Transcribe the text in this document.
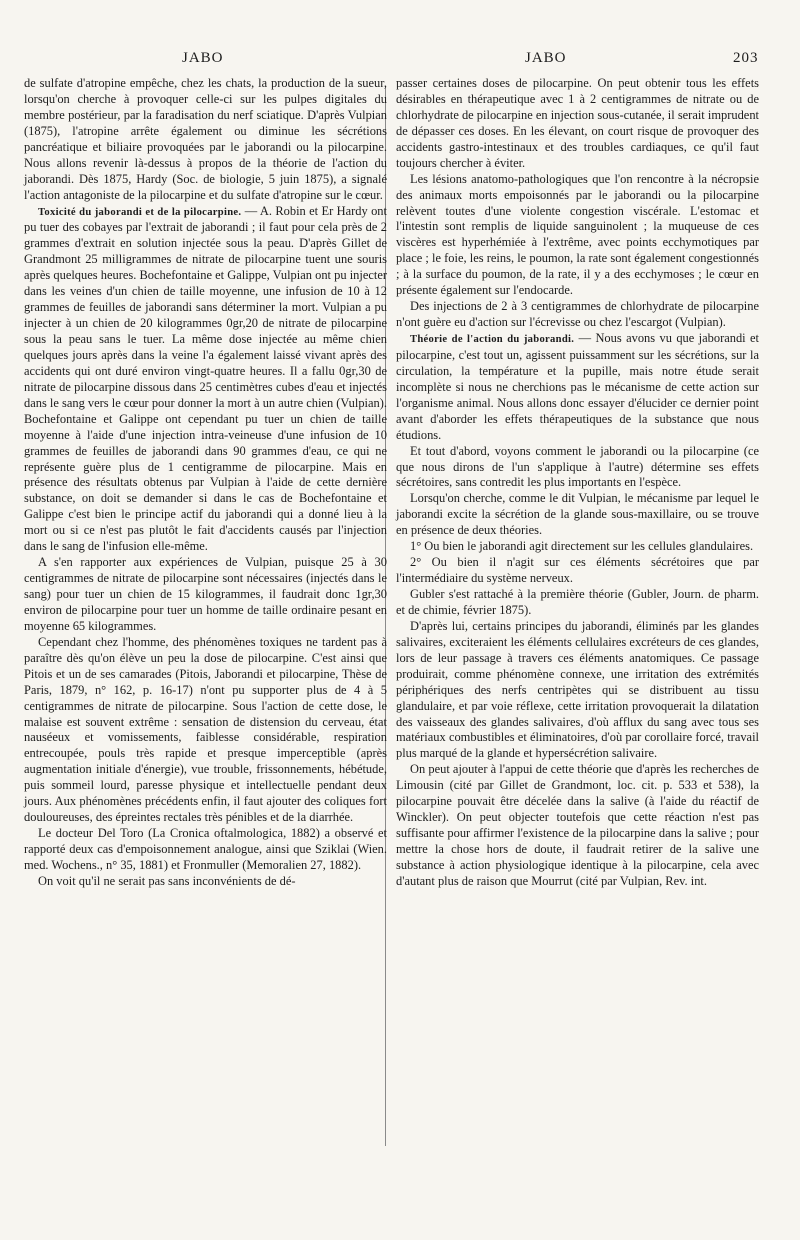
JABO	JABO	203

de sulfate d'atropine empêche, chez les chats, la production de la sueur, lorsqu'on cherche à provoquer celle-ci sur les pulpes digitales du membre postérieur, par la faradisation du nerf sciatique. D'après Vulpian (1875), l'atropine arrête également ou diminue les sécrétions pancréatique et biliaire provoquées par le jaborandi ou la pilocarpine. Nous allons revenir là-dessus à propos de la théorie de l'action du jaborandi. Dès 1875, Hardy (Soc. de biologie, 5 juin 1875), a signalé l'action antagoniste de la pilocarpine et du sulfate d'atropine sur le cœur.

Toxicité du jaborandi et de la pilocarpine. — A. Robin et Er Hardy ont pu tuer des cobayes par l'extrait de jaborandi ; il faut pour cela près de 2 grammes d'extrait en solution injectée sous la peau. D'après Gillet de Grandmont 25 milligrammes de nitrate de pilocarpine tuent une souris après quelques heures. Bochefontaine et Galippe, Vulpian ont pu injecter dans les veines d'un chien de taille moyenne, une infusion de 10 à 12 grammes de feuilles de jaborandi sans déterminer la mort. Vulpian a pu injecter à un chien de 20 kilogrammes 0gr,20 de nitrate de pilocarpine sous la peau sans le tuer. La même dose injectée au même chien quelques jours après dans la veine l'a également laissé vivant après des accidents qui ont duré environ vingt-quatre heures. Il a fallu 0gr,30 de nitrate de pilocarpine dissous dans 25 centimètres cubes d'eau et injectés dans le sang vers le cœur pour donner la mort à un autre chien (Vulpian). Bochefontaine et Galippe ont cependant pu tuer un chien de taille moyenne à l'aide d'une injection intra-veineuse d'une infusion de 10 grammes de feuilles de jaborandi dans 90 grammes d'eau, ce qui ne représente guère plus de 1 centigramme de pilocarpine. Mais en présence des résultats obtenus par Vulpian à l'aide de cette dernière substance, on doit se demander si dans le cas de Bochefontaine et Galippe c'est bien le principe actif du jaborandi qui a donné lieu à la mort ou si ce n'est pas plutôt le fait d'accidents causés par l'injection dans le sang de l'infusion elle-même.

A s'en rapporter aux expériences de Vulpian, puisque 25 à 30 centigrammes de nitrate de pilocarpine sont nécessaires (injectés dans le sang) pour tuer un chien de 15 kilogrammes, il faudrait donc 1gr,30 environ de pilocarpine pour tuer un homme de taille ordinaire pesant en moyenne 65 kilogrammes.

Cependant chez l'homme, des phénomènes toxiques ne tardent pas à paraître dès qu'on élève un peu la dose de pilocarpine. C'est ainsi que Pitois et un de ses camarades (Pitois, Jaborandi et pilocarpine, Thèse de Paris, 1879, n° 162, p. 16-17) n'ont pu supporter plus de 4 à 5 centigrammes de nitrate de pilocarpine. Sous l'action de cette dose, le malaise est souvent extrême : sensation de distension du cerveau, état nauséeux et vomissements, faiblesse considérable, respiration entrecoupée, pouls très rapide et presque imperceptible (après augmentation initiale d'énergie), vue trouble, frissonnements, hébétude, puis sommeil lourd, paresse physique et intellectuelle pendant deux jours. Aux phénomènes précédents enfin, il faut ajouter des coliques fort douloureuses, des épreintes rectales très pénibles et de la diarrhée.

Le docteur Del Toro (La Cronica oftalmologica, 1882) a observé et rapporté deux cas d'empoisonnement analogue, ainsi que Sziklai (Wien. med. Wochens., n° 35, 1881) et Fronmuller (Memoralien 27, 1882).

On voit qu'il ne serait pas sans inconvénients de dé-

passer certaines doses de pilocarpine. On peut obtenir tous les effets désirables en thérapeutique avec 1 à 2 centigrammes de nitrate ou de chlorhydrate de pilocarpine en injection sous-cutanée, il serait imprudent de dépasser ces doses. En les élevant, on court risque de provoquer des accidents gastro-intestinaux et des troubles cardiaques, ce qu'il faut toujours chercher à éviter.

Les lésions anatomo-pathologiques que l'on rencontre à la nécropsie des animaux morts empoisonnés par le jaborandi ou la pilocarpine relèvent toutes d'une violente congestion viscérale. L'estomac et l'intestin sont remplis de liquide sanguinolent ; la muqueuse de ces viscères est hyperhémiée à l'extrême, avec points ecchymotiques par place ; le foie, les reins, le poumon, la rate sont également congestionnés ; à la surface du poumon, de la rate, il y a des ecchymoses ; le cœur en présente également sur l'endocarde.

Des injections de 2 à 3 centigrammes de chlorhydrate de pilocarpine n'ont guère eu d'action sur l'écrevisse ou chez l'escargot (Vulpian).

Théorie de l'action du jaborandi. — Nous avons vu que jaborandi et pilocarpine, c'est tout un, agissent puissamment sur les sécrétions, sur la circulation, la température et la pupille, mais notre étude serait incomplète si nous ne cherchions pas le mécanisme de cette action sur l'organisme animal. Nous allons donc essayer d'élucider ce dernier point avant d'aborder les effets thérapeutiques de la substance que nous étudions.

Et tout d'abord, voyons comment le jaborandi ou la pilocarpine (ce que nous dirons de l'un s'applique à l'autre) détermine ses effets sécrétoires, sans contredit les plus importants en l'espèce.

Lorsqu'on cherche, comme le dit Vulpian, le mécanisme par lequel le jaborandi excite la sécrétion de la glande sous-maxillaire, ou se trouve en présence de deux théories.

1° Ou bien le jaborandi agit directement sur les cellules glandulaires.

2° Ou bien il n'agit sur ces éléments sécrétoires que par l'intermédiaire du système nerveux.

Gubler s'est rattaché à la première théorie (Gubler, Journ. de pharm. et de chimie, février 1875).

D'après lui, certains principes du jaborandi, éliminés par les glandes salivaires, exciteraient les éléments cellulaires excréteurs de ces glandes, lors de leur passage à travers ces éléments anatomiques. Ce passage produirait, comme phénomène connexe, une irritation des extrémités périphériques des nerfs centripètes qui se distribuent au tissu glandulaire, et par voie réflexe, cette irritation provoquerait la dilatation des vaisseaux des glandes salivaires, d'où afflux du sang avec tous ses matériaux combustibles et éliminatoires, d'où par corollaire forcé, travail plus marqué de la glande et hypersécrétion salivaire.

On peut ajouter à l'appui de cette théorie que d'après les recherches de Limousin (cité par Gillet de Grandmont, loc. cit. p. 533 et 538), la pilocarpine pouvait être décelée dans la salive (à l'aide du réactif de Winckler). On peut objecter toutefois que cette réaction n'est pas suffisante pour affirmer l'existence de la pilocarpine dans la salive ; pour mettre la chose hors de doute, il faudrait retirer de la salive une substance à action physiologique identique à la pilocarpine, cela avec d'autant plus de raison que Mourrut (cité par Vulpian, Rev. int.
